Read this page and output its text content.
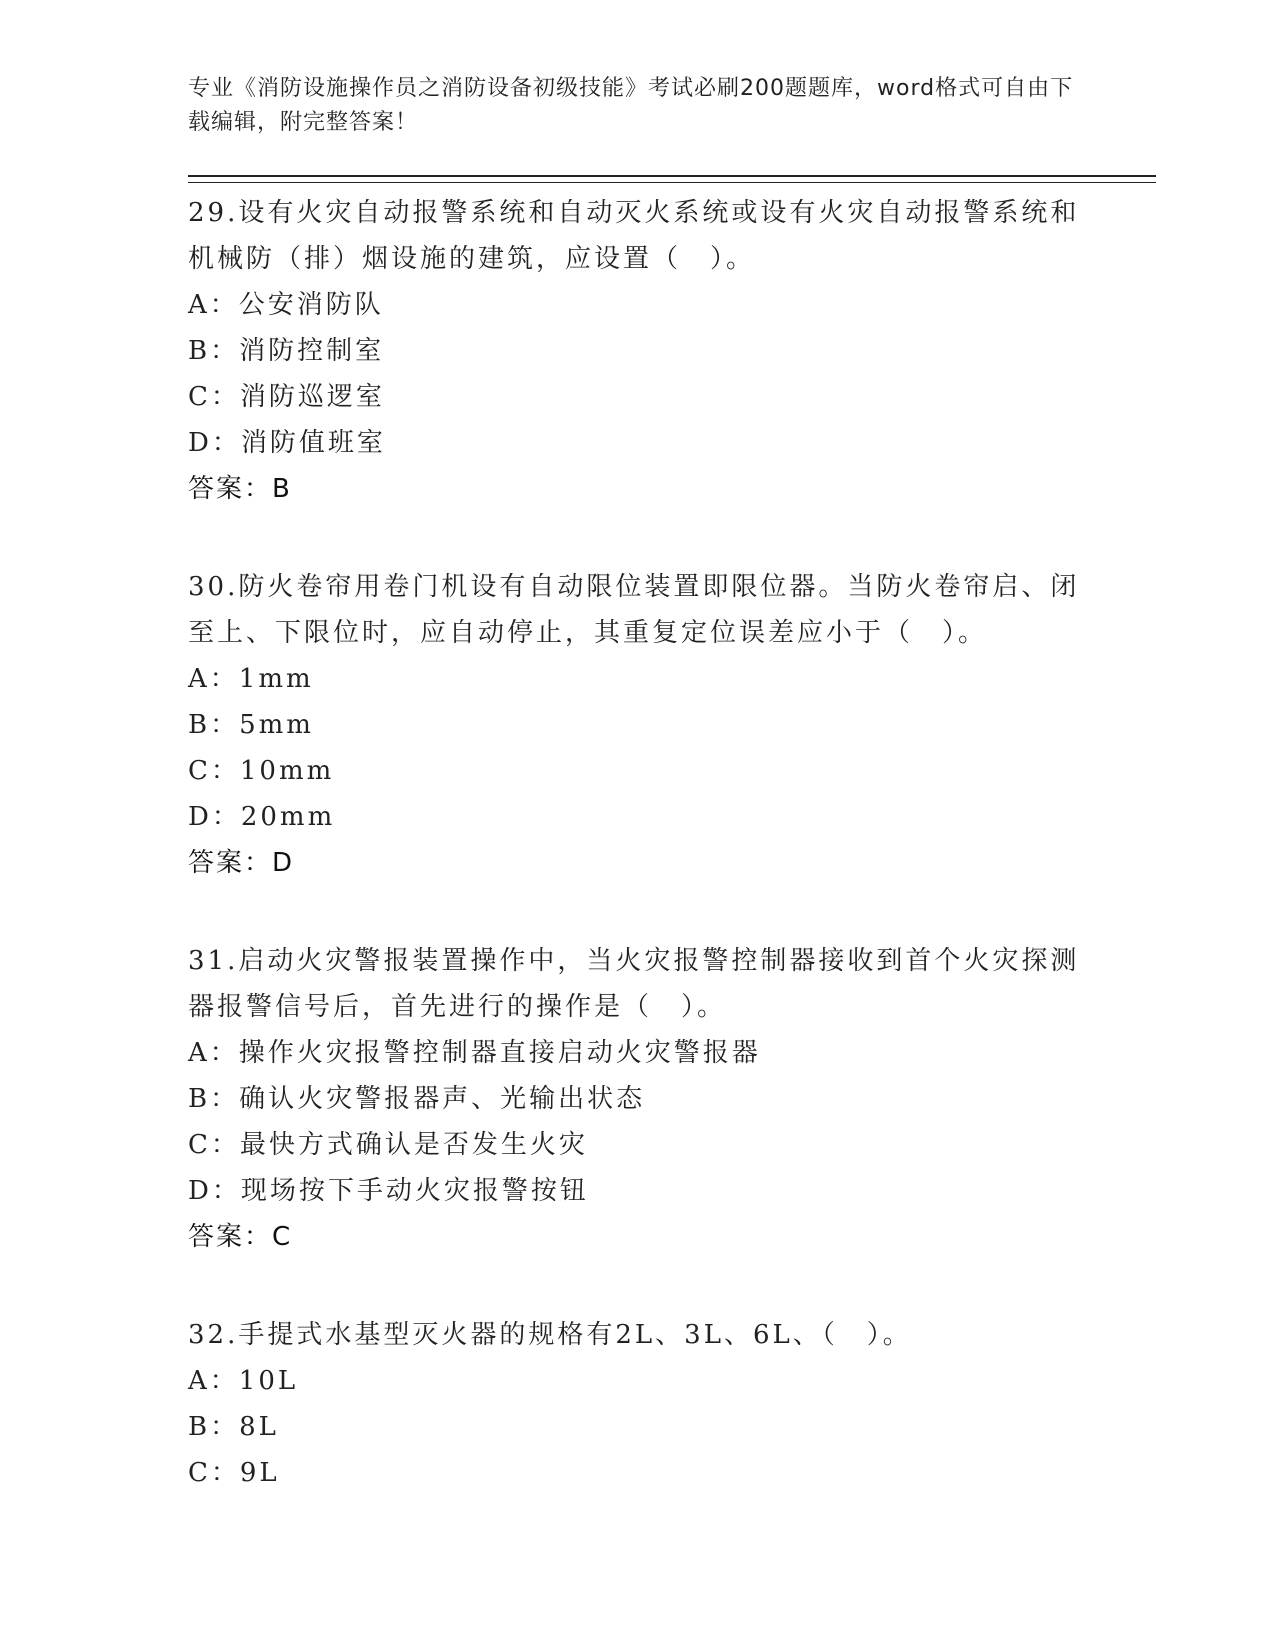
专业《消防设施操作员之消防设备初级技能》考试必刷200题题库，word格式可自由下载编辑，附完整答案！

29.设有火灾自动报警系统和自动灭火系统或设有火灾自动报警系统和机械防（排）烟设施的建筑，应设置（　）。

A：公安消防队
B：消防控制室
C：消防巡逻室
D：消防值班室
答案：B

30.防火卷帘用卷门机设有自动限位装置即限位器。当防火卷帘启、闭至上、下限位时，应自动停止，其重复定位误差应小于（　）。

A：1mm
B：5mm
C：10mm
D：20mm
答案：D

31.启动火灾警报装置操作中，当火灾报警控制器接收到首个火灾探测器报警信号后，首先进行的操作是（　）。

A：操作火灾报警控制器直接启动火灾警报器
B：确认火灾警报器声、光输出状态
C：最快方式确认是否发生火灾
D：现场按下手动火灾报警按钮
答案：C

32.手提式水基型灭火器的规格有2L、3L、6L、（　）。

A：10L
B：8L
C：9L
